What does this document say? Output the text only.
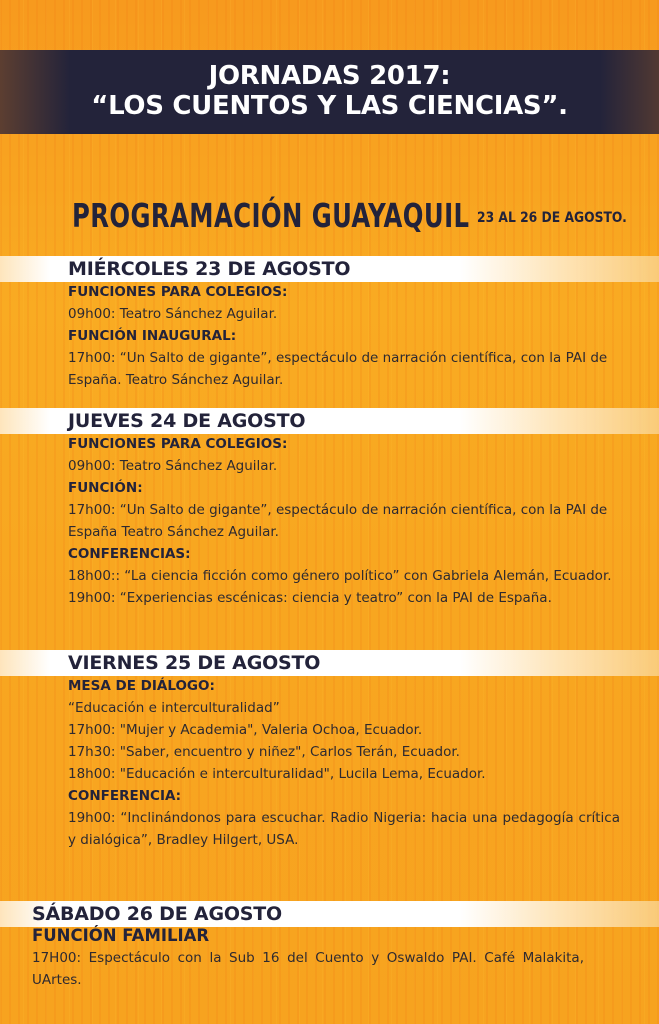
JORNADAS 2017:
“LOS CUENTOS Y LAS CIENCIAS”.
PROGRAMACIÓN GUAYAQUIL 23 AL 26 DE AGOSTO.
MIÉRCOLES 23 DE AGOSTO
FUNCIONES PARA COLEGIOS:
09h00: Teatro Sánchez Aguilar.
FUNCIÓN INAUGURAL:
17h00: “Un Salto de gigante”, espectáculo de narración científica, con la PAI de España. Teatro Sánchez Aguilar.
JUEVES 24 DE AGOSTO
FUNCIONES PARA COLEGIOS:
09h00: Teatro Sánchez Aguilar.
FUNCIÓN:
17h00: “Un Salto de gigante”, espectáculo de narración científica, con la PAI de España Teatro Sánchez Aguilar.
CONFERENCIAS:
18h00:: “La ciencia ficción como género político” con Gabriela Alemán, Ecuador.
19h00: “Experiencias escénicas: ciencia y teatro” con la PAI de España.
VIERNES 25 DE AGOSTO
MESA DE DIÁLOGO:
“Educación e interculturalidad”
17h00: "Mujer y Academia", Valeria Ochoa, Ecuador.
17h30: "Saber, encuentro y niñez", Carlos Terán, Ecuador.
18h00: "Educación e interculturalidad", Lucila Lema, Ecuador.
CONFERENCIA:
19h00: “Inclinándonos para escuchar. Radio Nigeria: hacia una pedagogía crítica y dialógica”, Bradley Hilgert, USA.
SÁBADO 26 DE AGOSTO
FUNCIÓN FAMILIAR
17H00: Espectáculo con la Sub 16 del Cuento y Oswaldo PAI. Café Malakita, UArtes.
